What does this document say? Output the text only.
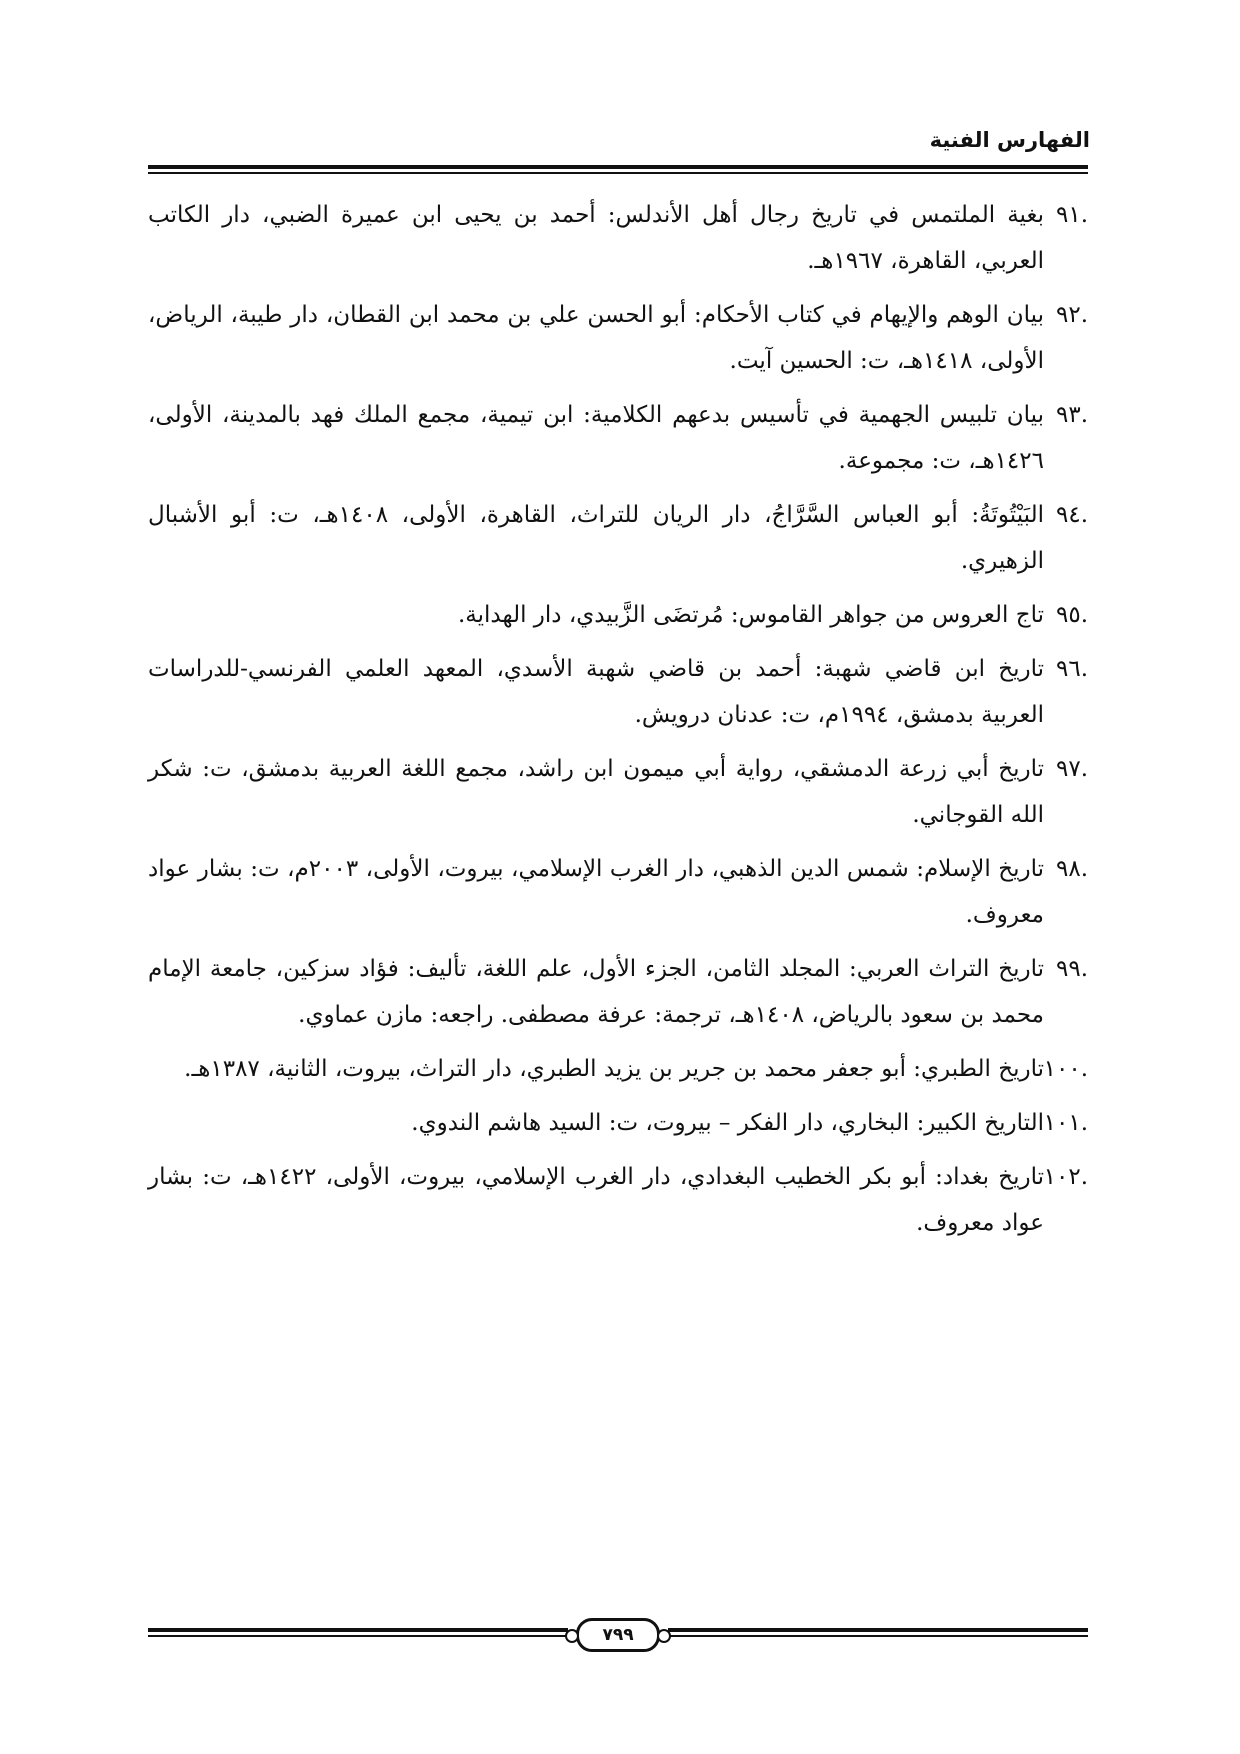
الفهارس الفنية
.٩١
بغية الملتمس في تاريخ رجال أهل الأندلس: أحمد بن يحيى ابن عميرة الضبي، دار الكاتب العربي، القاهرة، ١٩٦٧هـ.
.٩٢
بيان الوهم والإيهام في كتاب الأحكام: أبو الحسن علي بن محمد ابن القطان، دار طيبة، الرياض، الأولى، ١٤١٨هـ، ت: الحسين آيت.
.٩٣
بيان تلبيس الجهمية في تأسيس بدعهم الكلامية: ابن تيمية، مجمع الملك فهد بالمدينة، الأولى، ١٤٢٦هـ، ت: مجموعة.
.٩٤
البَيْتُوتَةُ: أبو العباس السَّرَّاجُ، دار الريان للتراث، القاهرة، الأولى، ١٤٠٨هـ، ت: أبو الأشبال الزهيري.
.٩٥
تاج العروس من جواهر القاموس: مُرتضَى الزَّبيدي، دار الهداية.
.٩٦
تاريخ ابن قاضي شهبة: أحمد بن قاضي شهبة الأسدي، المعهد العلمي الفرنسي-للدراسات العربية بدمشق، ١٩٩٤م، ت: عدنان درويش.
.٩٧
تاريخ أبي زرعة الدمشقي، رواية أبي ميمون ابن راشد، مجمع اللغة العربية بدمشق، ت: شكر الله القوجاني.
.٩٨
تاريخ الإسلام: شمس الدين الذهبي، دار الغرب الإسلامي، بيروت، الأولى، ٢٠٠٣م، ت: بشار عواد معروف.
.٩٩
تاريخ التراث العربي: المجلد الثامن، الجزء الأول، علم اللغة، تأليف: فؤاد سزكين، جامعة الإمام محمد بن سعود بالرياض، ١٤٠٨هـ، ترجمة: عرفة مصطفى. راجعه: مازن عماوي.
.١٠٠
تاريخ الطبري: أبو جعفر محمد بن جرير بن يزيد الطبري، دار التراث، بيروت، الثانية، ١٣٨٧هـ.
.١٠١
التاريخ الكبير: البخاري، دار الفكر – بيروت، ت: السيد هاشم الندوي.
.١٠٢
تاريخ بغداد: أبو بكر الخطيب البغدادي، دار الغرب الإسلامي، بيروت، الأولى، ١٤٢٢هـ، ت: بشار عواد معروف.
٧٩٩
